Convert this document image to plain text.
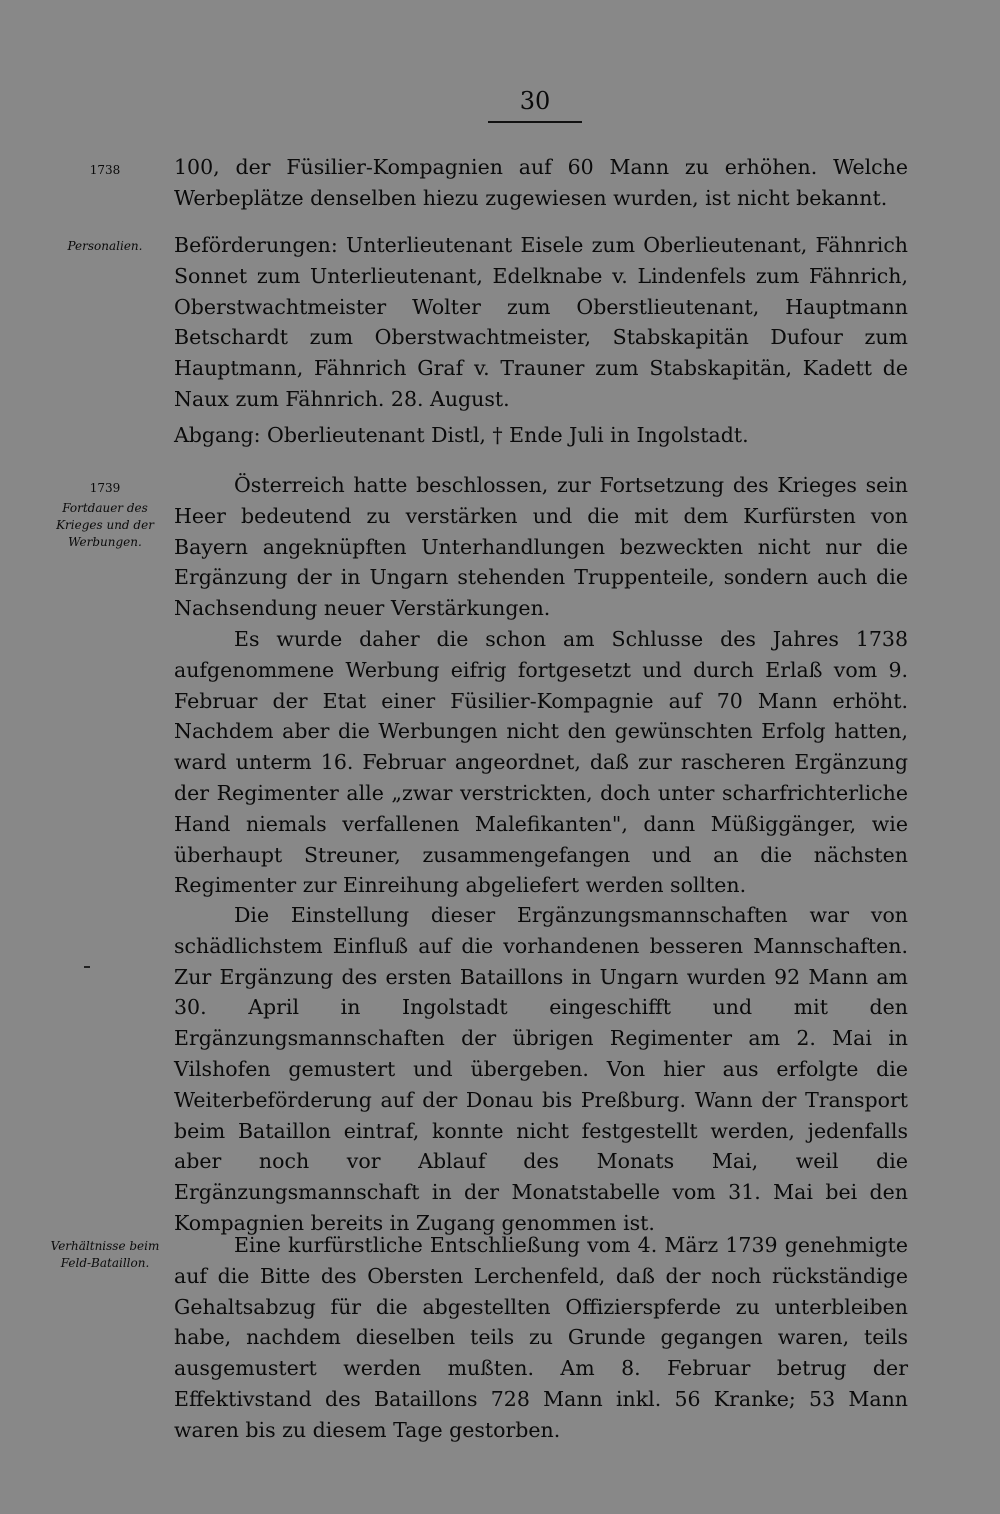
30
1738
Personalien.
1739
Fortdauer des
Krieges und der
Werbungen.
Verhältnisse beim
Feld-Bataillon.
100, der Füsilier-Kompagnien auf 60 Mann zu erhöhen. Welche Werbeplätze denselben hiezu zugewiesen wurden, ist nicht bekannt.
Beförderungen: Unterlieutenant Eisele zum Oberlieutenant, Fähnrich Sonnet zum Unterlieutenant, Edelknabe v. Lindenfels zum Fähnrich, Oberstwachtmeister Wolter zum Oberstlieutenant, Hauptmann Betschardt zum Oberstwachtmeister, Stabskapitän Dufour zum Hauptmann, Fähnrich Graf v. Trauner zum Stabskapitän, Kadett de Naux zum Fähnrich. 28. August.
Abgang: Oberlieutenant Distl, † Ende Juli in Ingolstadt.
Österreich hatte beschlossen, zur Fortsetzung des Krieges sein Heer bedeutend zu verstärken und die mit dem Kurfürsten von Bayern angeknüpften Unterhandlungen bezweckten nicht nur die Ergänzung der in Ungarn stehenden Truppenteile, sondern auch die Nachsendung neuer Verstärkungen.
Es wurde daher die schon am Schlusse des Jahres 1738 aufgenommene Werbung eifrig fortgesetzt und durch Erlaß vom 9. Februar der Etat einer Füsilier-Kompagnie auf 70 Mann erhöht. Nachdem aber die Werbungen nicht den gewünschten Erfolg hatten, ward unterm 16. Februar angeordnet, daß zur rascheren Ergänzung der Regimenter alle „zwar verstrickten, doch unter scharfrichterliche Hand niemals verfallenen Malefikanten", dann Müßiggänger, wie überhaupt Streuner, zusammengefangen und an die nächsten Regimenter zur Einreihung abgeliefert werden sollten.
Die Einstellung dieser Ergänzungsmannschaften war von schädlichstem Einfluß auf die vorhandenen besseren Mannschaften. Zur Ergänzung des ersten Bataillons in Ungarn wurden 92 Mann am 30. April in Ingolstadt eingeschifft und mit den Ergänzungsmannschaften der übrigen Regimenter am 2. Mai in Vilshofen gemustert und übergeben. Von hier aus erfolgte die Weiterbeförderung auf der Donau bis Preßburg. Wann der Transport beim Bataillon eintraf, konnte nicht festgestellt werden, jedenfalls aber noch vor Ablauf des Monats Mai, weil die Ergänzungsmannschaft in der Monatstabelle vom 31. Mai bei den Kompagnien bereits in Zugang genommen ist.
Eine kurfürstliche Entschließung vom 4. März 1739 genehmigte auf die Bitte des Obersten Lerchenfeld, daß der noch rückständige Gehaltsabzug für die abgestellten Offizierspferde zu unterbleiben habe, nachdem dieselben teils zu Grunde gegangen waren, teils ausgemustert werden mußten. Am 8. Februar betrug der Effektivstand des Bataillons 728 Mann inkl. 56 Kranke; 53 Mann waren bis zu diesem Tage gestorben.
